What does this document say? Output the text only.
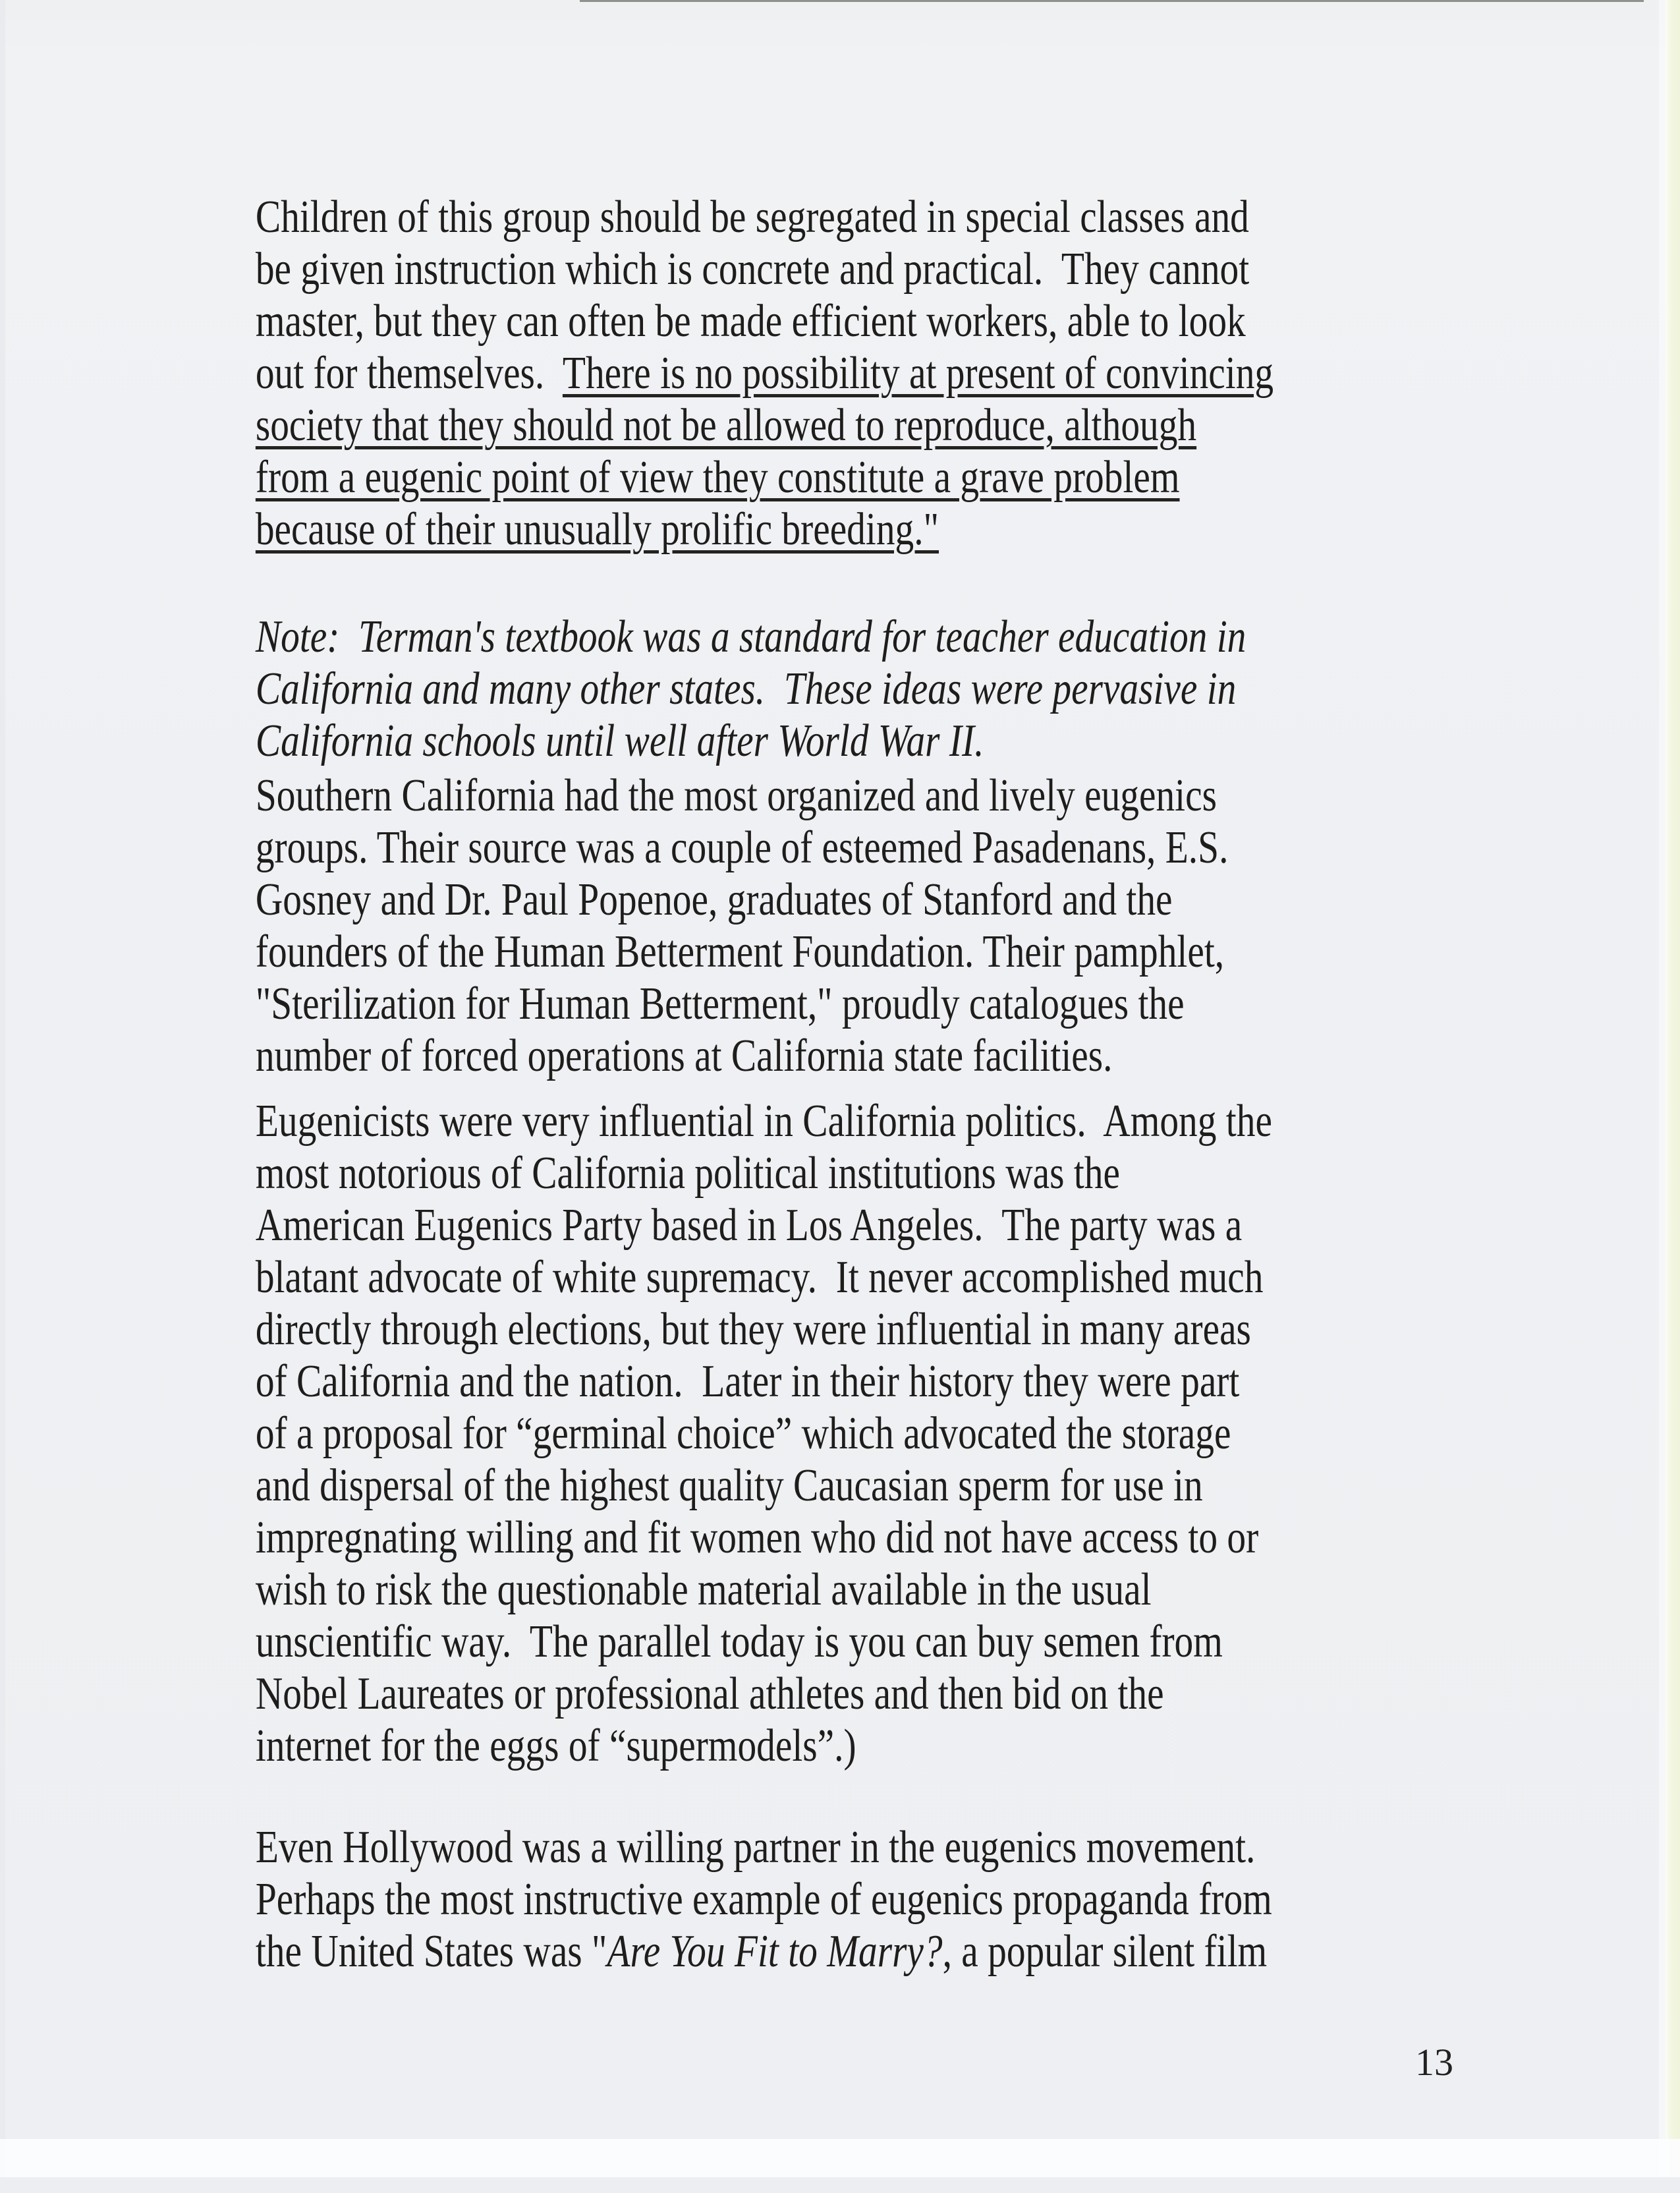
Children of this group should be segregated in special classes and
be given instruction which is concrete and practical.  They cannot
master, but they can often be made efficient workers, able to look
out for themselves.  There is no possibility at present of convincing
society that they should not be allowed to reproduce, although
from a eugenic point of view they constitute a grave problem
because of their unusually prolific breeding."
Note:  Terman's textbook was a standard for teacher education in
California and many other states.  These ideas were pervasive in
California schools until well after World War II.
Southern California had the most organized and lively eugenics
groups. Their source was a couple of esteemed Pasadenans, E.S.
Gosney and Dr. Paul Popenoe, graduates of Stanford and the
founders of the Human Betterment Foundation. Their pamphlet,
"Sterilization for Human Betterment," proudly catalogues the
number of forced operations at California state facilities.
Eugenicists were very influential in California politics.  Among the
most notorious of California political institutions was the
American Eugenics Party based in Los Angeles.  The party was a
blatant advocate of white supremacy.  It never accomplished much
directly through elections, but they were influential in many areas
of California and the nation.  Later in their history they were part
of a proposal for “germinal choice” which advocated the storage
and dispersal of the highest quality Caucasian sperm for use in
impregnating willing and fit women who did not have access to or
wish to risk the questionable material available in the usual
unscientific way.  The parallel today is you can buy semen from
Nobel Laureates or professional athletes and then bid on the
internet for the eggs of “supermodels”.)
Even Hollywood was a willing partner in the eugenics movement.
Perhaps the most instructive example of eugenics propaganda from
the United States was "Are You Fit to Marry?, a popular silent film
13
